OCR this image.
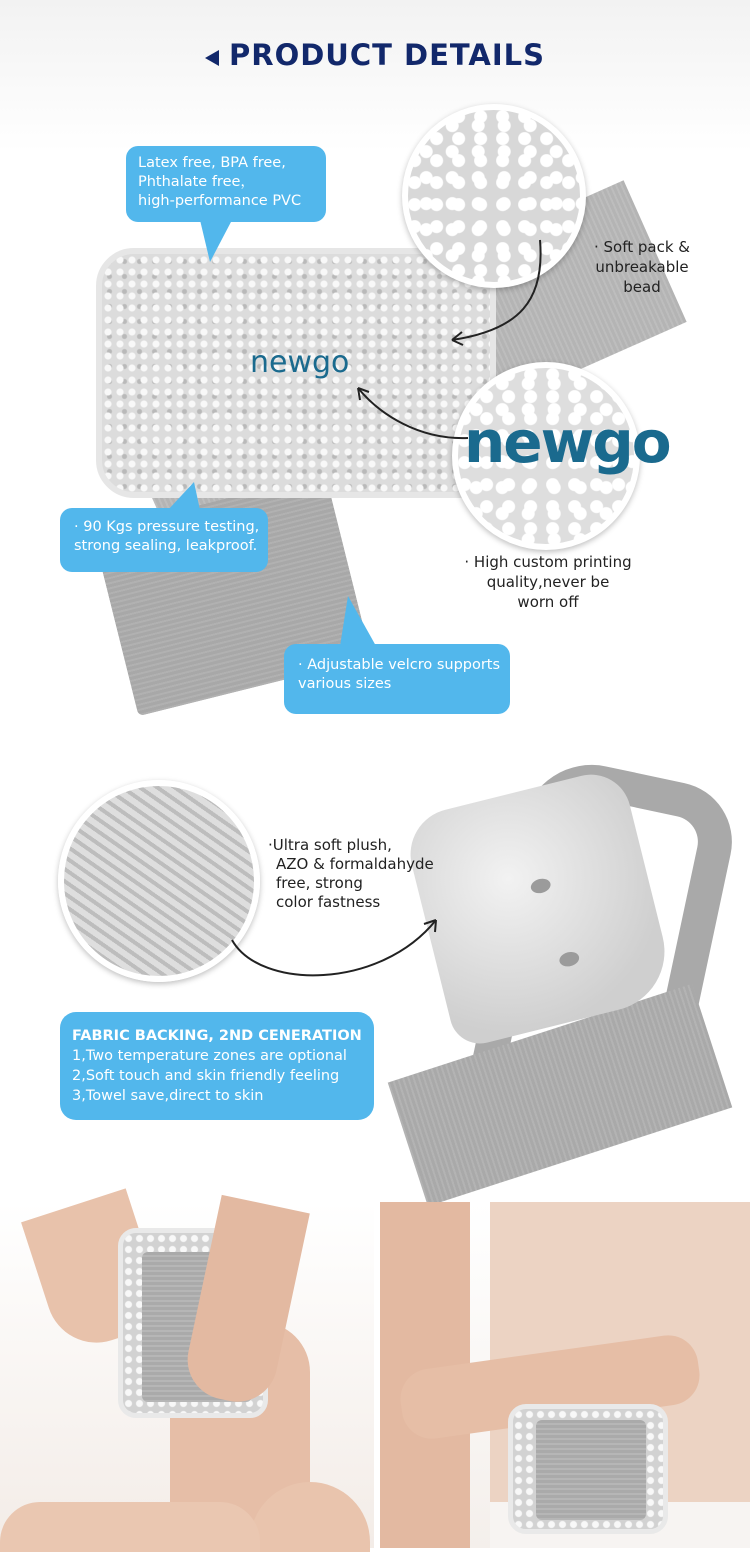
PRODUCT DETAILS
newgo
newgo
Latex free, BPA free,
Phthalate free，
high-performance PVC
· 90 Kgs pressure testing,
strong sealing, leakproof.
· Adjustable velcro supports
various sizes
· Soft pack &
unbreakable
bead
· High custom printing
quality,never be
worn off
·Ultra soft plush,
AZO & formaldahyde
free, strong
color fastness
FABRIC BACKING, 2ND CENERATION
1,Two temperature zones are optional
2,Soft touch and skin friendly feeling
3,Towel save,direct to skin
